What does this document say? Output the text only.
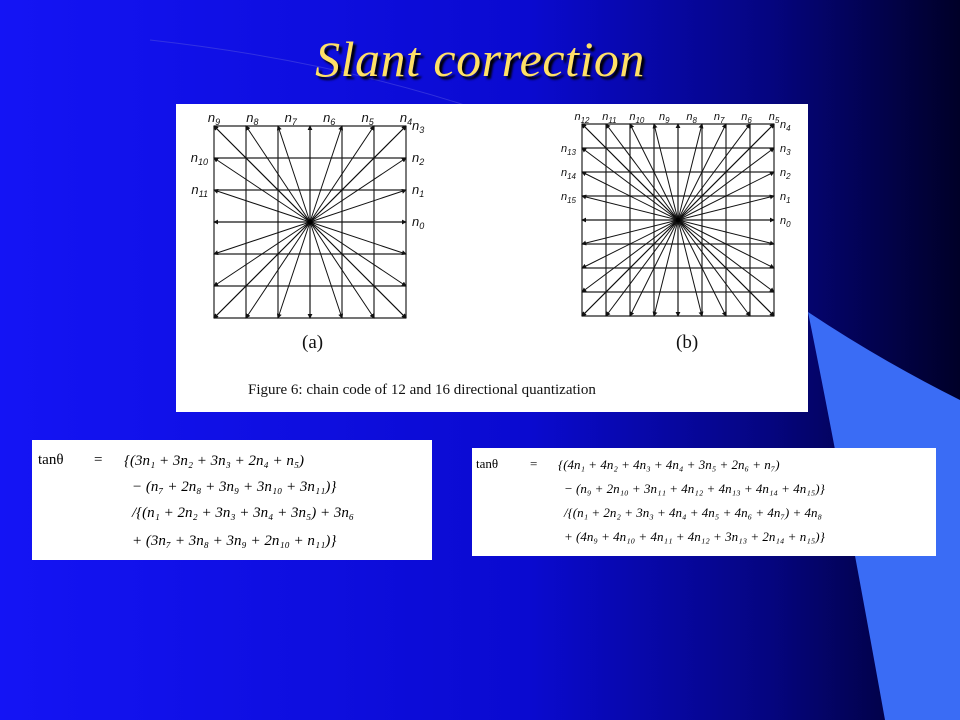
Slant correction
$n_9$ $n_8$ $n_7$ $n_6$ $n_5$ $n_4$ $n_3$
$n_2$
$n_1$
$n_0$
$n_{10}$
$n_{11}$
$n_{12}$ $n_{11}$ $n_{10}$ $n_9$ $n_8$ $n_7$ $n_6$ $n_5$ $n_4$
$n_3$
$n_2$
$n_1$
$n_0$
$n_{13}$
$n_{14}$
$n_{15}$
(a)	(b)
Figure 6: chain code of 12 and 16 directional quantization
tanθ = {(3n₁ + 3n₂ + 3n₃ + 2n₄ + n₅)
− (n₇ + 2n₈ + 3n₉ + 3n₁₀ + 3n₁₁)}
/{(n₁ + 2n₂ + 3n₃ + 3n₄ + 3n₅) + 3n₆
+ (3n₇ + 3n₈ + 3n₉ + 2n₁₀ + n₁₁)}
tanθ = {(4n₁ + 4n₂ + 4n₃ + 4n₄ + 3n₅ + 2n₆ + n₇)
− (n₉ + 2n₁₀ + 3n₁₁ + 4n₁₂ + 4n₁₃ + 4n₁₄ + 4n₁₅)}
/{(n₁ + 2n₂ + 3n₃ + 4n₄ + 4n₅ + 4n₆ + 4n₇) + 4n₈
+ (4n₉ + 4n₁₀ + 4n₁₁ + 4n₁₂ + 3n₁₃ + 2n₁₄ + n₁₅)}
